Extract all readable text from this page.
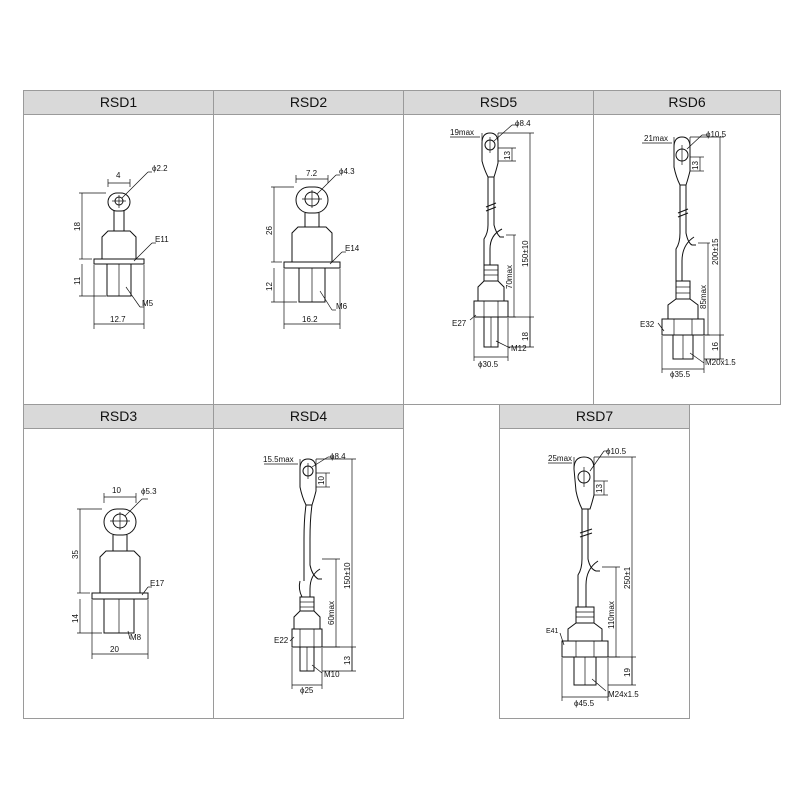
RSD1
4
ϕ2.2
18
11
E11
M5
12.7
RSD2
7.2	ϕ4.3
26
12
E14
M6
16.2
RSD5
19max
ϕ8.4
13
150±10
70max
18
E27
M12
ϕ30.5
RSD6
21max	ϕ10.5
13
200±15
85max
16
E32
M20x1.5
ϕ35.5
RSD3
10	ϕ5.3
35
14
E17
M8
20
RSD4
15.5max	ϕ8.4
10
150±10
60max
13
E22
M10
ϕ25
RSD7
25max
ϕ10.5
13
250±1
110max
19
E41
M24x1.5
ϕ45.5
